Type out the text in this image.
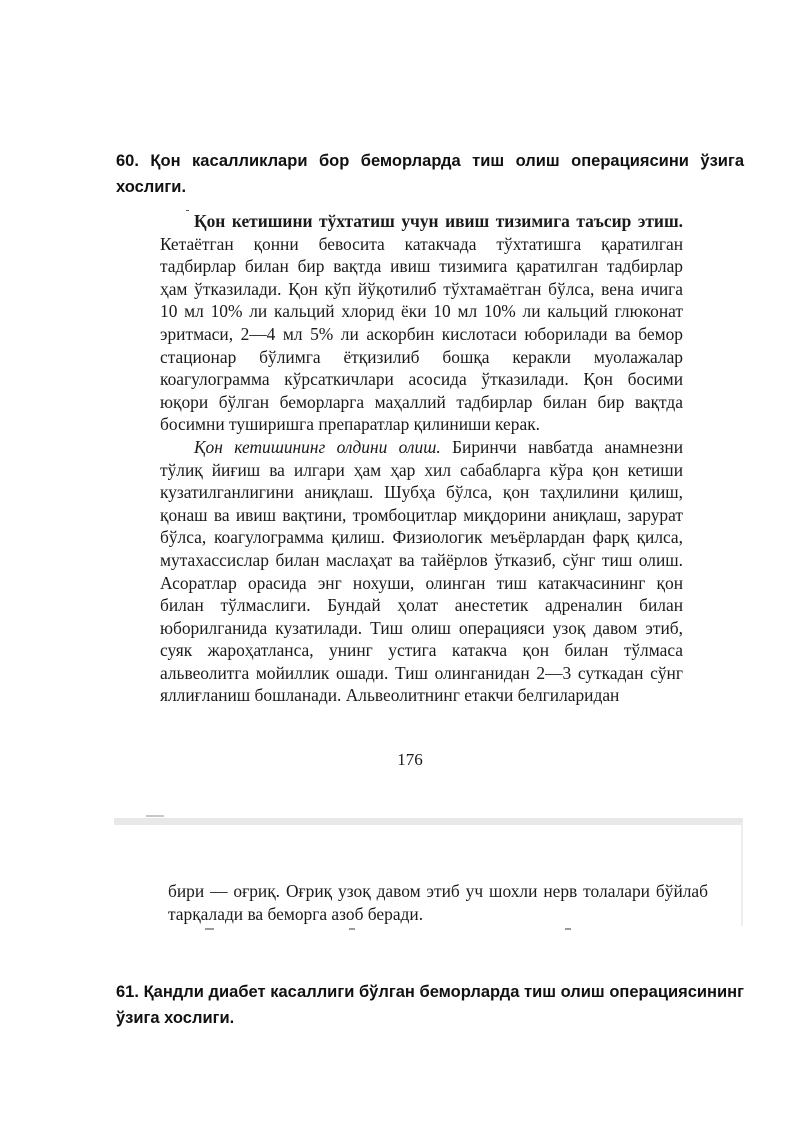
60. Қон касалликлари бор беморларда тиш олиш операциясини ўзига хослиги.

Қон кетишини тўхтатиш учун ивиш тизимига таъсир этиш. Кетаётган қонни бевосита катакчада тўхтатишга қаратилган тадбирлар билан бир вақтда ивиш тизимига қаратилган тадбирлар ҳам ўтказилади. Қон кўп йўқотилиб тўхтамаётган бўлса, вена ичига 10 мл 10% ли кальций хлорид ёки 10 мл 10% ли кальций глюконат эритмаси, 2—4 мл 5% ли аскорбин кислотаси юборилади ва бемор стационар бўлимга ётқизилиб бошқа керакли муолажалар коагулограмма кўрсаткичлари асосида ўтказилади. Қон босими юқори бўлган беморларга маҳаллий тадбирлар билан бир вақтда босимни туширишга препаратлар қилиниши керак.

Қон кетишининг олдини олиш. Биринчи навбатда анамнезни тўлиқ йиғиш ва илгари ҳам ҳар хил сабабларга кўра қон кетиши кузатилганлигини аниқлаш. Шубҳа бўлса, қон таҳлилини қилиш, қонаш ва ивиш вақтини, тромбоцитлар миқдорини аниқлаш, зарурат бўлса, коагулограмма қилиш. Физиологик меъёрлардан фарқ қилса, мутахассислар билан маслаҳат ва тайёрлов ўтказиб, сўнг тиш олиш. Асоратлар орасида энг нохуши, олинган тиш катакчасининг қон билан тўлмаслиги. Бундай ҳолат анестетик адреналин билан юборилганида кузатилади. Тиш олиш операцияси узоқ давом этиб, суяк жароҳатланса, унинг устига катакча қон билан тўлмаса альвеолитга мойиллик ошади. Тиш олинганидан 2—3 суткадан сўнг яллиғланиш бошланади. Альвеолитнинг етакчи белгиларидан

176

бири — оғриқ. Оғриқ узоқ давом этиб уч шохли нерв толалари бўйлаб тарқалади ва беморга азоб беради.

61. Қандли диабет касаллиги бўлган беморларда тиш олиш операциясининг ўзига хослиги.
